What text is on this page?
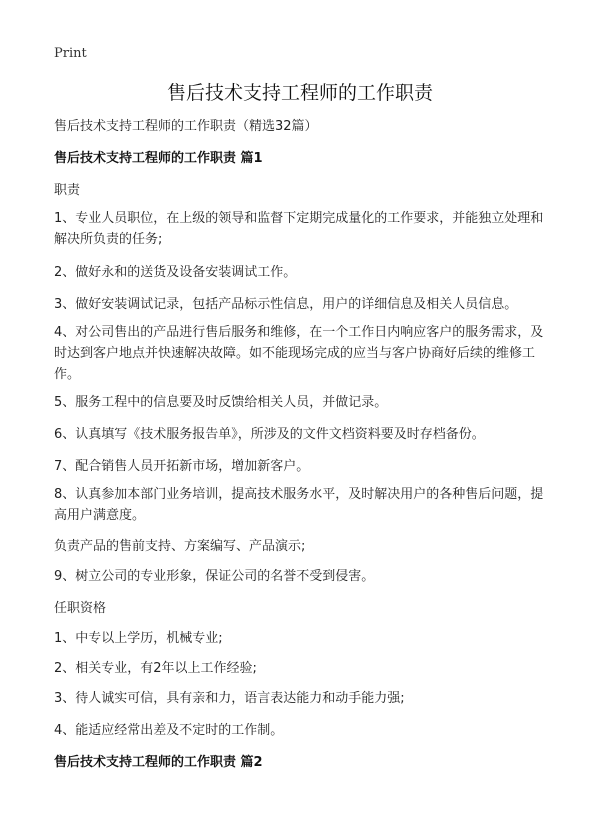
Print
售后技术支持工程师的工作职责
售后技术支持工程师的工作职责（精选32篇）
售后技术支持工程师的工作职责 篇1

职责

1、专业人员职位，在上级的领导和监督下定期完成量化的工作要求，并能独立处理和解决所负责的任务;

2、做好永和的送货及设备安装调试工作。

3、做好安装调试记录，包括产品标示性信息，用户的详细信息及相关人员信息。

4、对公司售出的产品进行售后服务和维修，在一个工作日内响应客户的服务需求，及时达到客户地点并快速解决故障。如不能现场完成的应当与客户协商好后续的维修工作。

5、服务工程中的信息要及时反馈给相关人员，并做记录。

6、认真填写《技术服务报告单》，所涉及的文件文档资料要及时存档备份。

7、配合销售人员开拓新市场，增加新客户。

8、认真参加本部门业务培训，提高技术服务水平，及时解决用户的各种售后问题，提高用户满意度。

负责产品的售前支持、方案编写、产品演示;

9、树立公司的专业形象，保证公司的名誉不受到侵害。

任职资格

1、中专以上学历，机械专业;

2、相关专业，有2年以上工作经验;

3、待人诚实可信，具有亲和力，语言表达能力和动手能力强;

4、能适应经常出差及不定时的工作制。

售后技术支持工程师的工作职责 篇2
